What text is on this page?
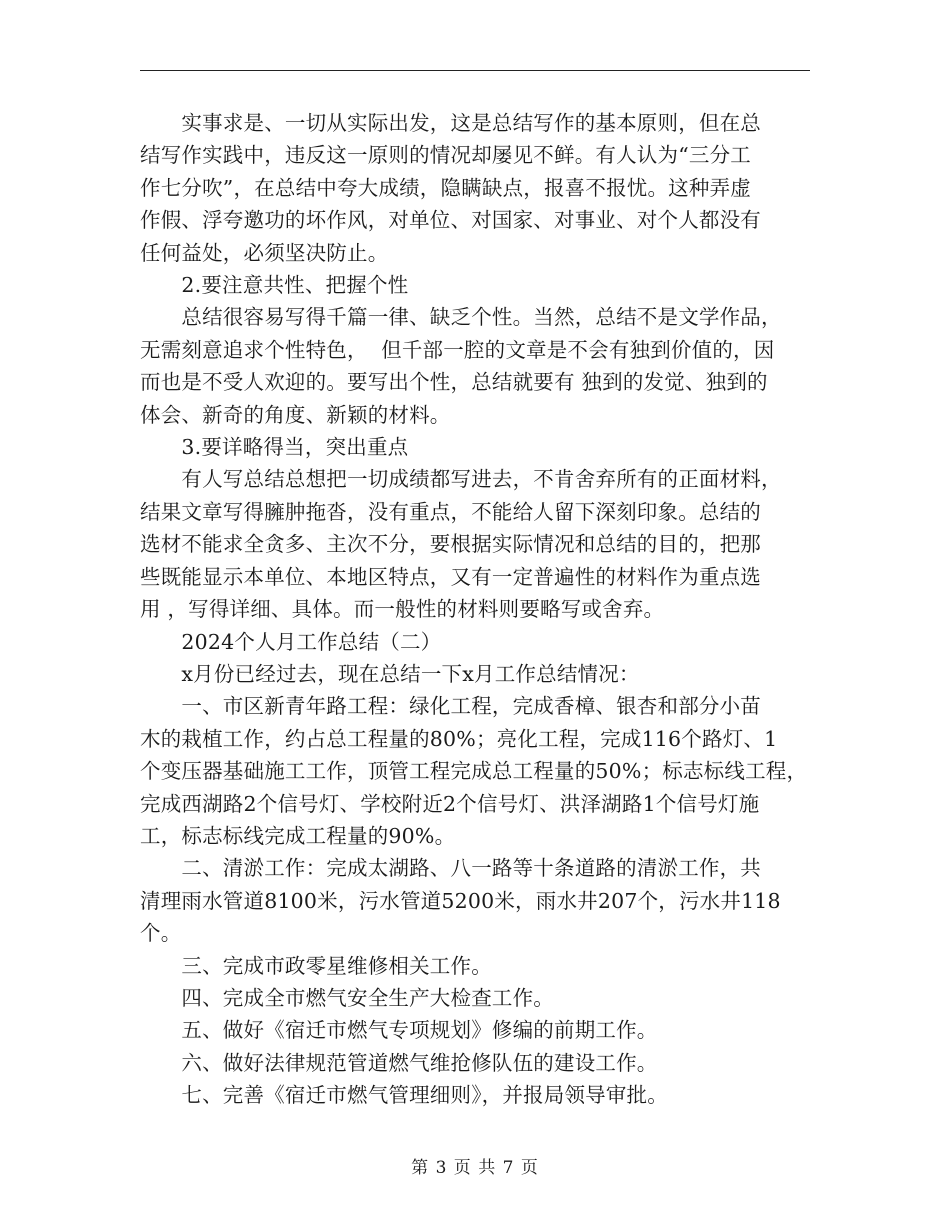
　　实事求是、一切从实际出发，这是总结写作的基本原则，但在总
结写作实践中，违反这一原则的情况却屡见不鲜。有人认为“三分工
作七分吹”，在总结中夸大成绩，隐瞒缺点，报喜不报忧。这种弄虚
作假、浮夸邀功的坏作风，对单位、对国家、对事业、对个人都没有
任何益处，必须坚决防止。

　　2.要注意共性、把握个性

　　总结很容易写得千篇一律、缺乏个性。当然，总结不是文学作品，
无需刻意追求个性特色，  但千部一腔的文章是不会有独到价值的，因
而也是不受人欢迎的。要写出个性，总结就要有 独到的发觉、独到的
体会、新奇的角度、新颖的材料。

　　3.要详略得当，突出重点

　　有人写总结总想把一切成绩都写进去，不肯舍弃所有的正面材料，
结果文章写得臃肿拖沓，没有重点，不能给人留下深刻印象。总结的
选材不能求全贪多、主次不分，要根据实际情况和总结的目的，把那
些既能显示本单位、本地区特点，又有一定普遍性的材料作为重点选
用 ，写得详细、具体。而一般性的材料则要略写或舍弃。

　　2024个人月工作总结（二）

　　x月份已经过去，现在总结一下x月工作总结情况：

　　一、市区新青年路工程：绿化工程，完成香樟、银杏和部分小苗
木的栽植工作，约占总工程量的80%；亮化工程，完成116个路灯、1
个变压器基础施工工作，顶管工程完成总工程量的50%；标志标线工程，
完成西湖路2个信号灯、学校附近2个信号灯、洪泽湖路1个信号灯施
工，标志标线完成工程量的90%。

　　二、清淤工作：完成太湖路、八一路等十条道路的清淤工作，共
清理雨水管道8100米，污水管道5200米，雨水井207个，污水井118
个。

　　三、完成市政零星维修相关工作。

　　四、完成全市燃气安全生产大检查工作。

　　五、做好《宿迁市燃气专项规划》修编的前期工作。

　　六、做好法律规范管道燃气维抢修队伍的建设工作。

　　七、完善《宿迁市燃气管理细则》，并报局领导审批。

第 3 页 共 7 页
